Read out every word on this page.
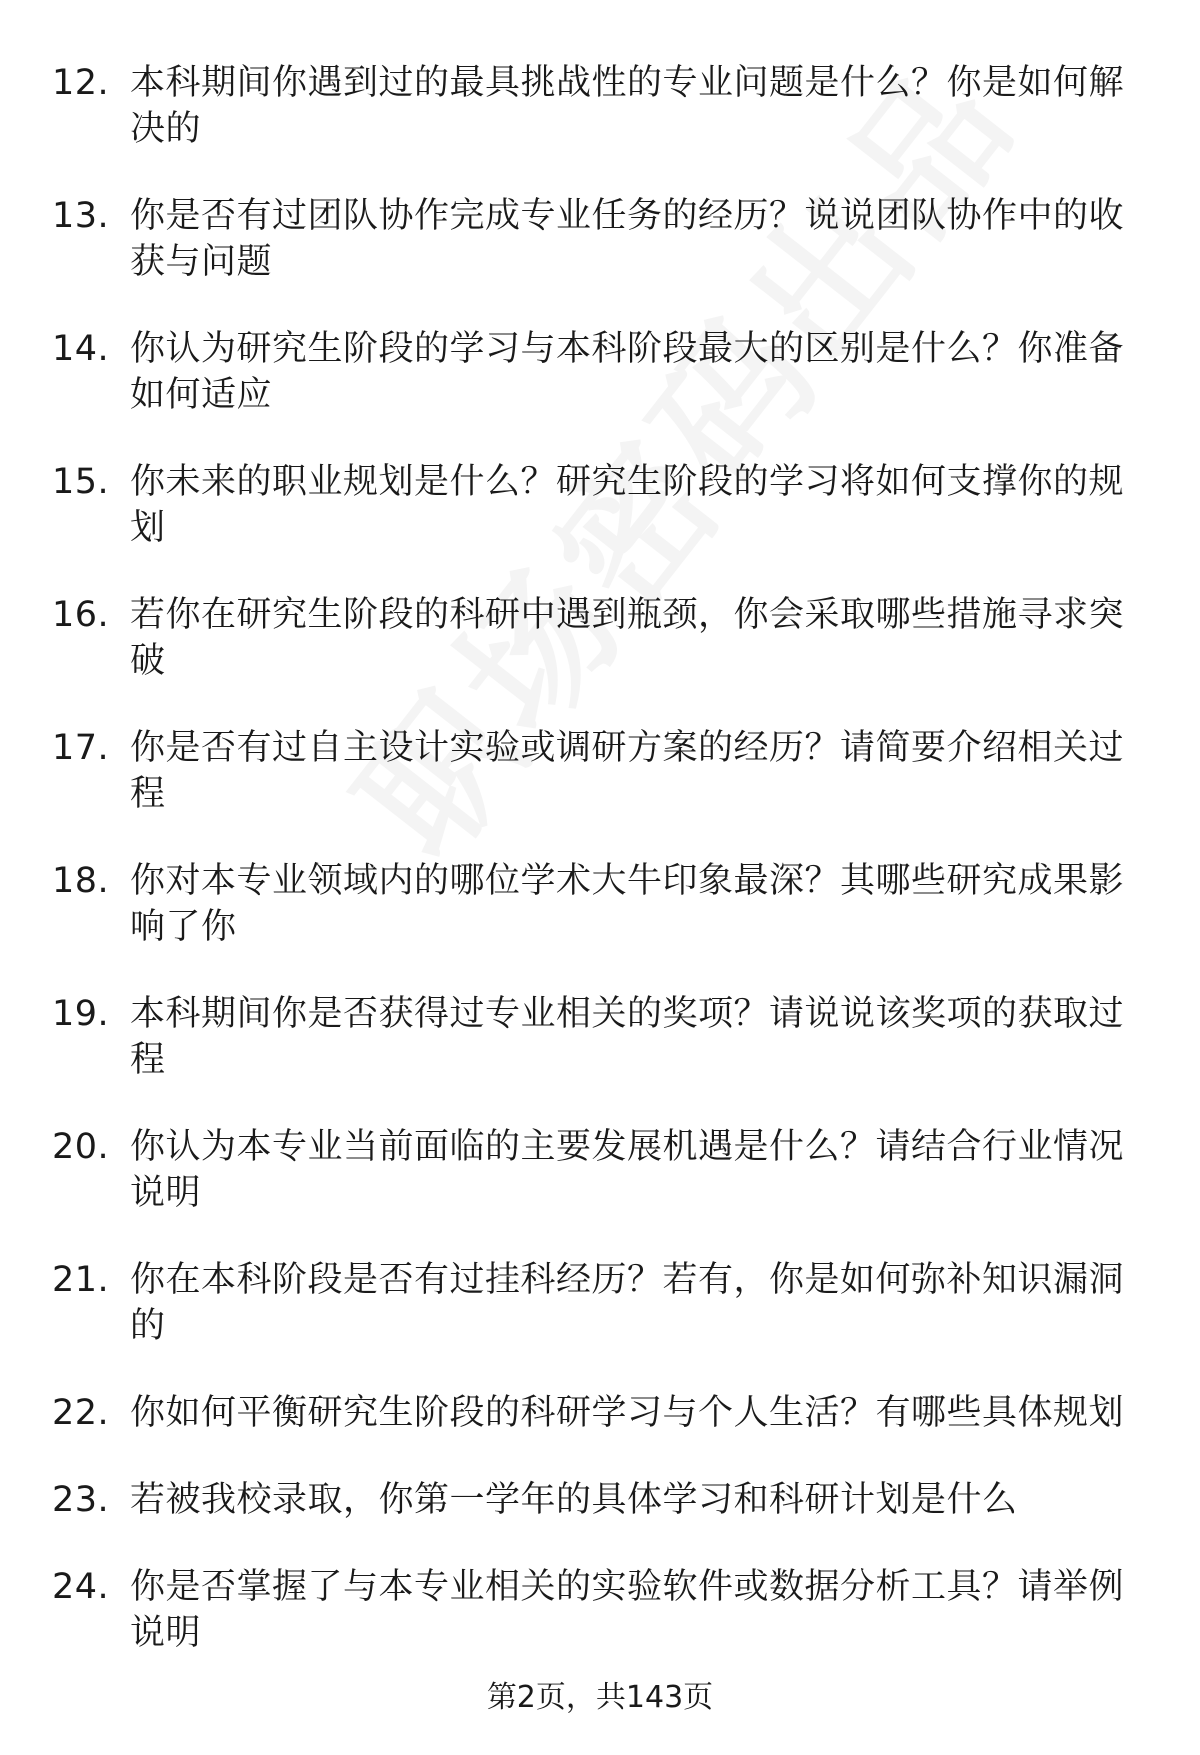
12. 本科期间你遇到过的最具挑战性的专业问题是什么？你是如何解决的
13. 你是否有过团队协作完成专业任务的经历？说说团队协作中的收获与问题
14. 你认为研究生阶段的学习与本科阶段最大的区别是什么？你准备如何适应
15. 你未来的职业规划是什么？研究生阶段的学习将如何支撑你的规划
16. 若你在研究生阶段的科研中遇到瓶颈，你会采取哪些措施寻求突破
17. 你是否有过自主设计实验或调研方案的经历？请简要介绍相关过程
18. 你对本专业领域内的哪位学术大牛印象最深？其哪些研究成果影响了你
19. 本科期间你是否获得过专业相关的奖项？请说说该奖项的获取过程
20. 你认为本专业当前面临的主要发展机遇是什么？请结合行业情况说明
21. 你在本科阶段是否有过挂科经历？若有，你是如何弥补知识漏洞的
22. 你如何平衡研究生阶段的科研学习与个人生活？有哪些具体规划
23. 若被我校录取，你第一学年的具体学习和科研计划是什么
24. 你是否掌握了与本专业相关的实验软件或数据分析工具？请举例说明
第2页，共143页
